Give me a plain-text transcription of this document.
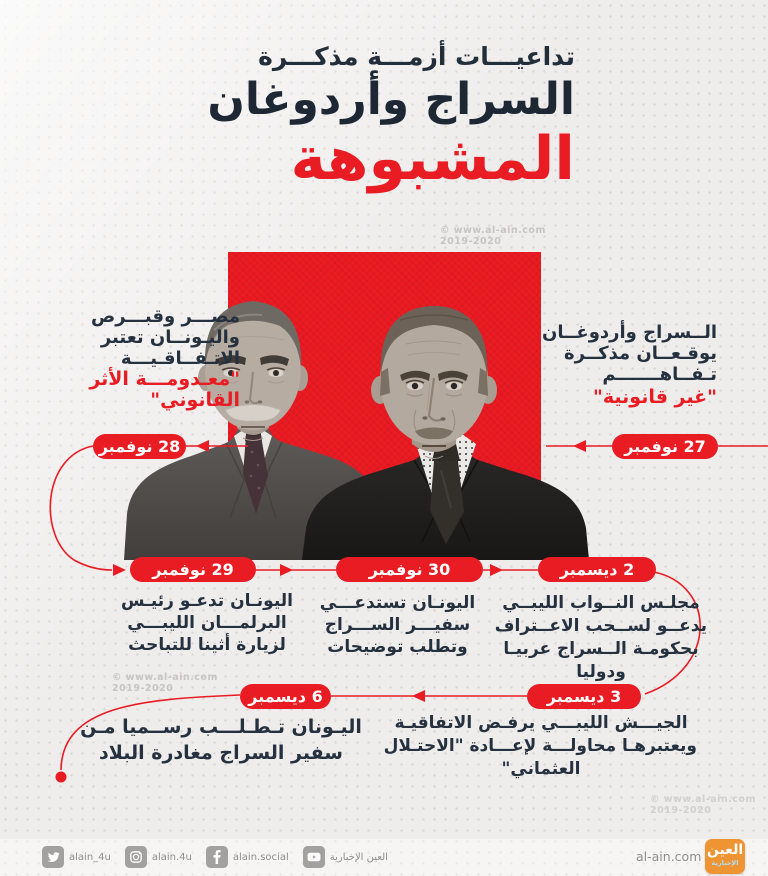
تداعيـــات أزمـــة مذكـــرة
السراج وأردوغان
المشبوهة
© www.al-ain.com
2019-2020
© www.al-ain.com
2019-2020
© www.al-ain.com
2019-2020
27 نوفمبر
28 نوفمبر
29 نوفمبر	30 نوفمبر	2 ديسمبر
3 ديسمبر
6 ديسمبر
الــسراج وأردوغــان
يوقـعــان مذكــرة
تـفــاهـــــــم
"غير قانونية"
مصـــر وقبـــرص
واليـونــان تعتبر
الاتـفــاقـيـــة
"معـدومـــة الأثر
القانوني"
اليونـان تدعـو رئيـس
البرلمـــان الليبـــي
لزيارة أثينا للتباحث
اليونـان تستدعـــي
سفيـــر الســـراج
وتطلب توضيحات
مجلـس النــواب الليبــي
يدعــو لســحب الاعــتراف
بحكومـة الــسراج عربيـا
ودوليا
الجيـــش الليبـــي يرفـض الاتفاقيـة
ويعتبرهـا محاولـــة لإعـــادة "الاحتـلال
العثماني"
اليـونان تـطـلـــب رســميا مـن
سفير السراج مغادرة البلاد
alain_4u	alain.4u	alain.social	العين الإخبارية	al-ain.com العين
الإخبارية
